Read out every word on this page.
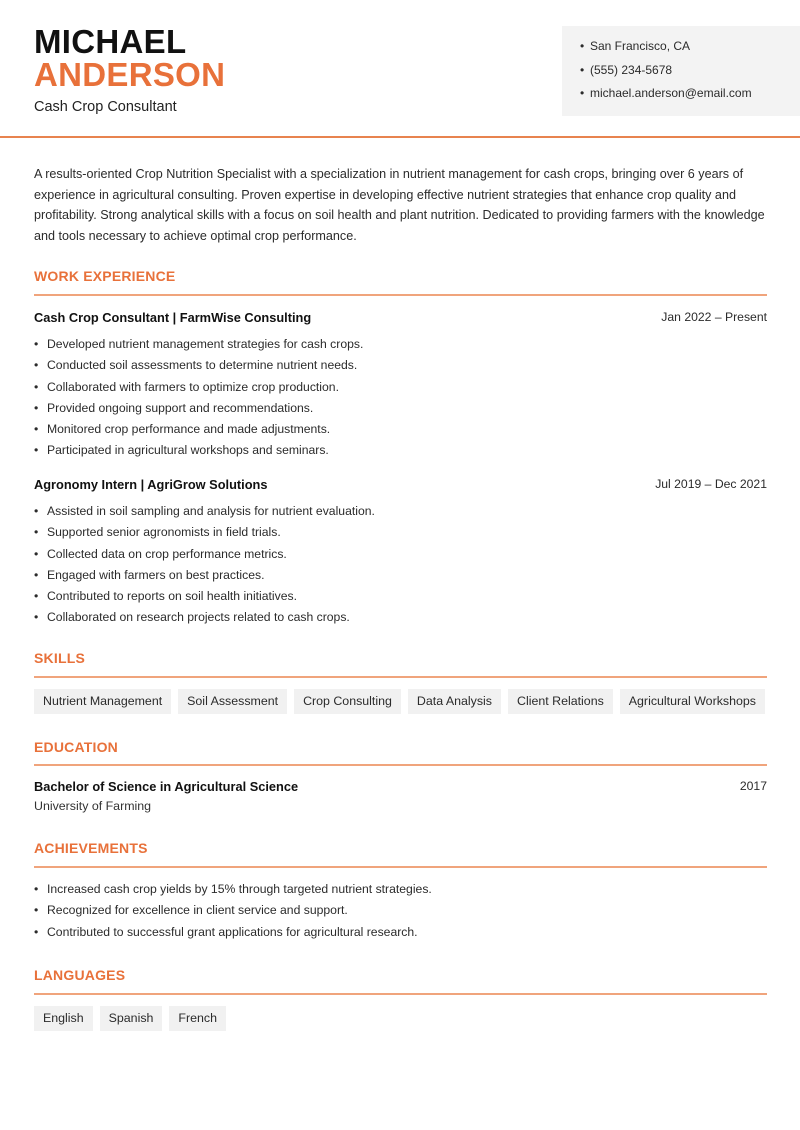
MICHAEL
ANDERSON
Cash Crop Consultant
• San Francisco, CA
• (555) 234-5678
• michael.anderson@email.com
A results-oriented Crop Nutrition Specialist with a specialization in nutrient management for cash crops, bringing over 6 years of experience in agricultural consulting. Proven expertise in developing effective nutrient strategies that enhance crop quality and profitability. Strong analytical skills with a focus on soil health and plant nutrition. Dedicated to providing farmers with the knowledge and tools necessary to achieve optimal crop performance.
WORK EXPERIENCE
Cash Crop Consultant | FarmWise Consulting	Jan 2022 – Present
• Developed nutrient management strategies for cash crops.
• Conducted soil assessments to determine nutrient needs.
• Collaborated with farmers to optimize crop production.
• Provided ongoing support and recommendations.
• Monitored crop performance and made adjustments.
• Participated in agricultural workshops and seminars.
Agronomy Intern | AgriGrow Solutions	Jul 2019 – Dec 2021
• Assisted in soil sampling and analysis for nutrient evaluation.
• Supported senior agronomists in field trials.
• Collected data on crop performance metrics.
• Engaged with farmers on best practices.
• Contributed to reports on soil health initiatives.
• Collaborated on research projects related to cash crops.
SKILLS
Nutrient Management	Soil Assessment	Crop Consulting	Data Analysis	Client Relations	Agricultural Workshops
EDUCATION
Bachelor of Science in Agricultural Science	2017
University of Farming
ACHIEVEMENTS
• Increased cash crop yields by 15% through targeted nutrient strategies.
• Recognized for excellence in client service and support.
• Contributed to successful grant applications for agricultural research.
LANGUAGES
English	Spanish	French
